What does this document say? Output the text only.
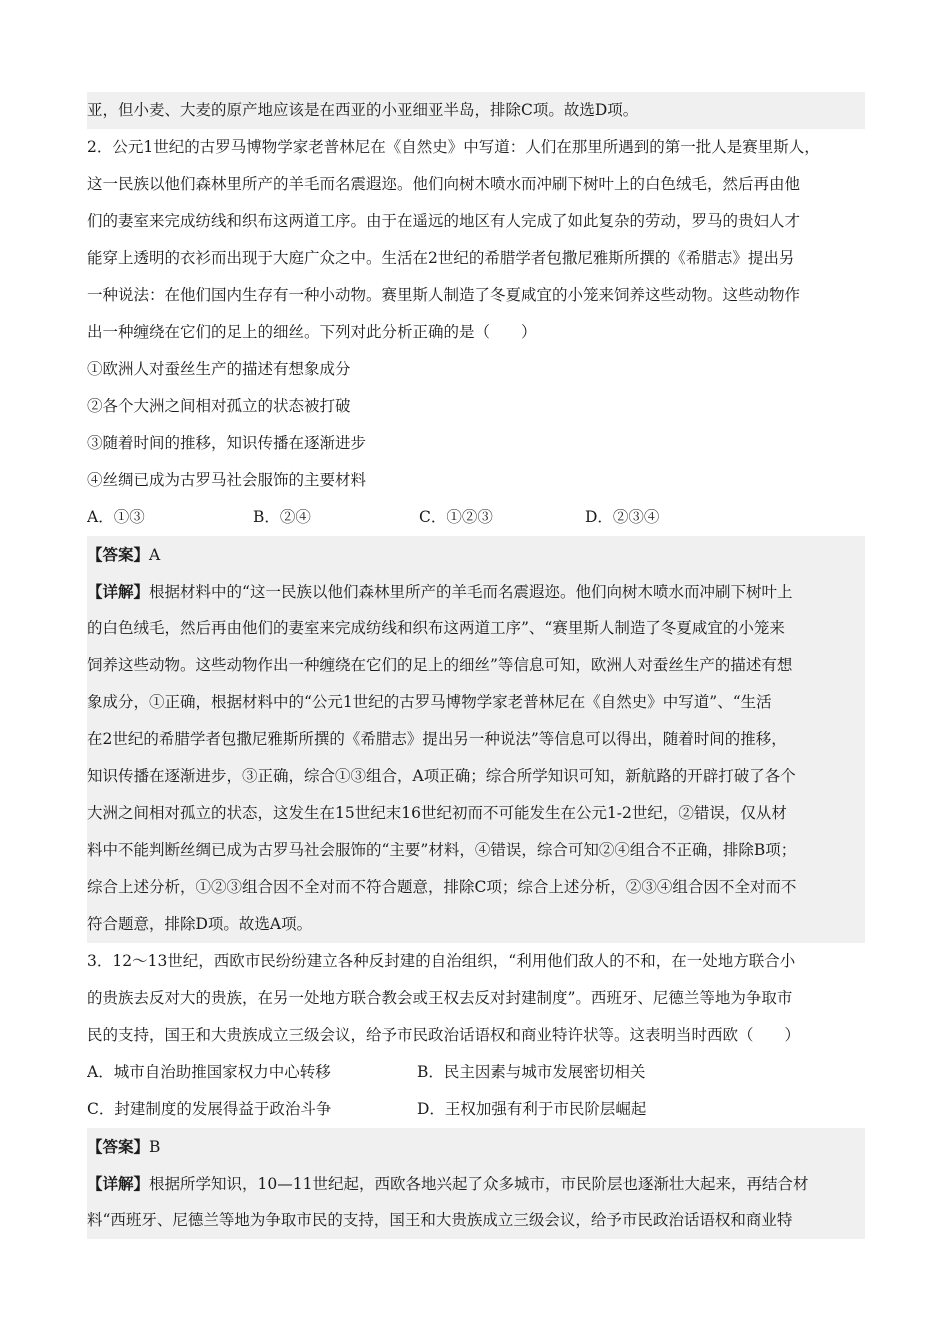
亚，但小麦、大麦的原产地应该是在西亚的小亚细亚半岛，排除C项。故选D项。
2．公元1世纪的古罗马博物学家老普林尼在《自然史》中写道：人们在那里所遇到的第一批人是赛里斯人，
这一民族以他们森林里所产的羊毛而名震遐迩。他们向树木喷水而冲刷下树叶上的白色绒毛，然后再由他
们的妻室来完成纺线和织布这两道工序。由于在遥远的地区有人完成了如此复杂的劳动，罗马的贵妇人才
能穿上透明的衣衫而出现于大庭广众之中。生活在2世纪的希腊学者包撒尼雅斯所撰的《希腊志》提出另
一种说法：在他们国内生存有一种小动物。赛里斯人制造了冬夏咸宜的小笼来饲养这些动物。这些动物作
出一种缠绕在它们的足上的细丝。下列对此分析正确的是（　　）
①欧洲人对蚕丝生产的描述有想象成分
②各个大洲之间相对孤立的状态被打破
③随着时间的推移，知识传播在逐渐进步
④丝绸已成为古罗马社会服饰的主要材料
A．①③	B．②④	C．①②③	D．②③④
【答案】A
【详解】根据材料中的“这一民族以他们森林里所产的羊毛而名震遐迩。他们向树木喷水而冲刷下树叶上
的白色绒毛，然后再由他们的妻室来完成纺线和织布这两道工序”、“赛里斯人制造了冬夏咸宜的小笼来
饲养这些动物。这些动物作出一种缠绕在它们的足上的细丝”等信息可知，欧洲人对蚕丝生产的描述有想
象成分，①正确，根据材料中的“公元1世纪的古罗马博物学家老普林尼在《自然史》中写道”、“生活
在2世纪的希腊学者包撒尼雅斯所撰的《希腊志》提出另一种说法”等信息可以得出，随着时间的推移，
知识传播在逐渐进步，③正确，综合①③组合，A项正确；综合所学知识可知，新航路的开辟打破了各个
大洲之间相对孤立的状态，这发生在15世纪末16世纪初而不可能发生在公元1-2世纪，②错误，仅从材
料中不能判断丝绸已成为古罗马社会服饰的“主要”材料，④错误，综合可知②④组合不正确，排除B项；
综合上述分析，①②③组合因不全对而不符合题意，排除C项；综合上述分析，②③④组合因不全对而不
符合题意，排除D项。故选A项。
3．12～13世纪，西欧市民纷纷建立各种反封建的自治组织，“利用他们敌人的不和，在一处地方联合小
的贵族去反对大的贵族，在另一处地方联合教会或王权去反对封建制度”。西班牙、尼德兰等地为争取市
民的支持，国王和大贵族成立三级会议，给予市民政治话语权和商业特许状等。这表明当时西欧（　　）
A．城市自治助推国家权力中心转移	B．民主因素与城市发展密切相关
C．封建制度的发展得益于政治斗争	D．王权加强有利于市民阶层崛起
【答案】B
【详解】根据所学知识，10—11世纪起，西欧各地兴起了众多城市，市民阶层也逐渐壮大起来，再结合材
料“西班牙、尼德兰等地为争取市民的支持，国王和大贵族成立三级会议，给予市民政治话语权和商业特
